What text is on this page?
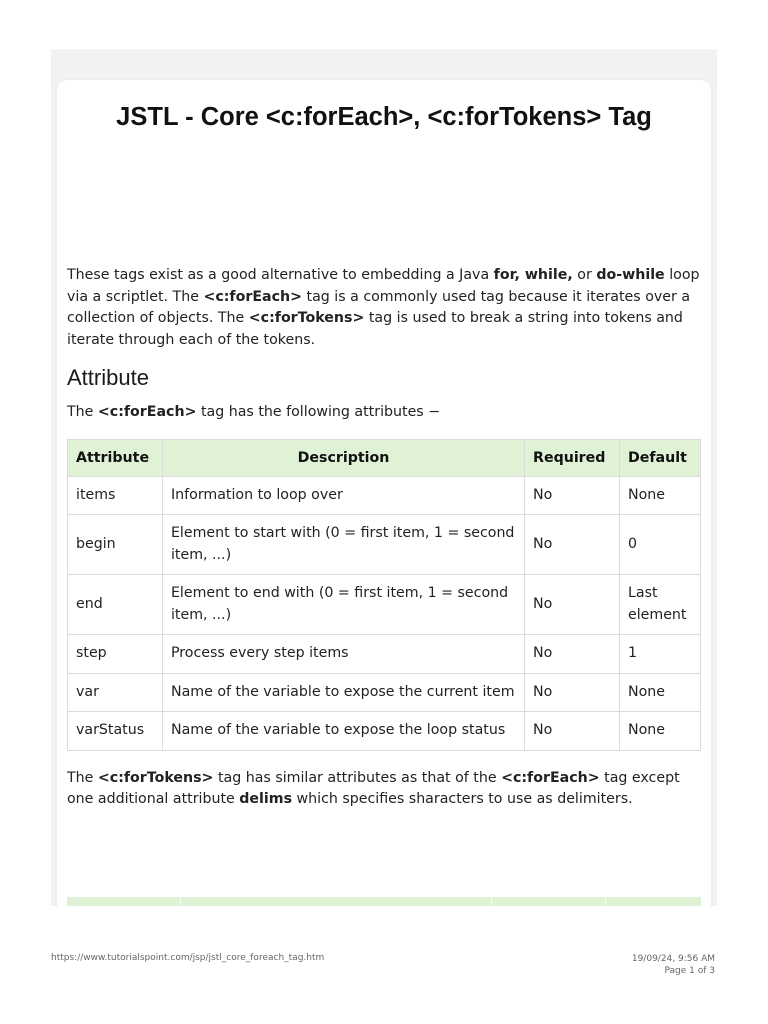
JSTL - Core <c:forEach>, <c:forTokens> Tag

These tags exist as a good alternative to embedding a Java for, while, or do-while loop via a scriptlet. The <c:forEach> tag is a commonly used tag because it iterates over a collection of objects. The <c:forTokens> tag is used to break a string into tokens and iterate through each of the tokens.

Attribute

The <c:forEach> tag has the following attributes −

Attribute	Description	Required	Default
items	Information to loop over	No	None
begin	Element to start with (0 = first item, 1 = second item, ...)	No	0
end	Element to end with (0 = first item, 1 = second item, ...)	No	Last element
step	Process every step items	No	1
var	Name of the variable to expose the current item	No	None
varStatus	Name of the variable to expose the loop status	No	None

The <c:forTokens> tag has similar attributes as that of the <c:forEach> tag except one additional attribute delims which specifies sharacters to use as delimiters.

https://www.tutorialspoint.com/jsp/jstl_core_foreach_tag.htm	19/09/24, 9:56 AM
Page 1 of 3
